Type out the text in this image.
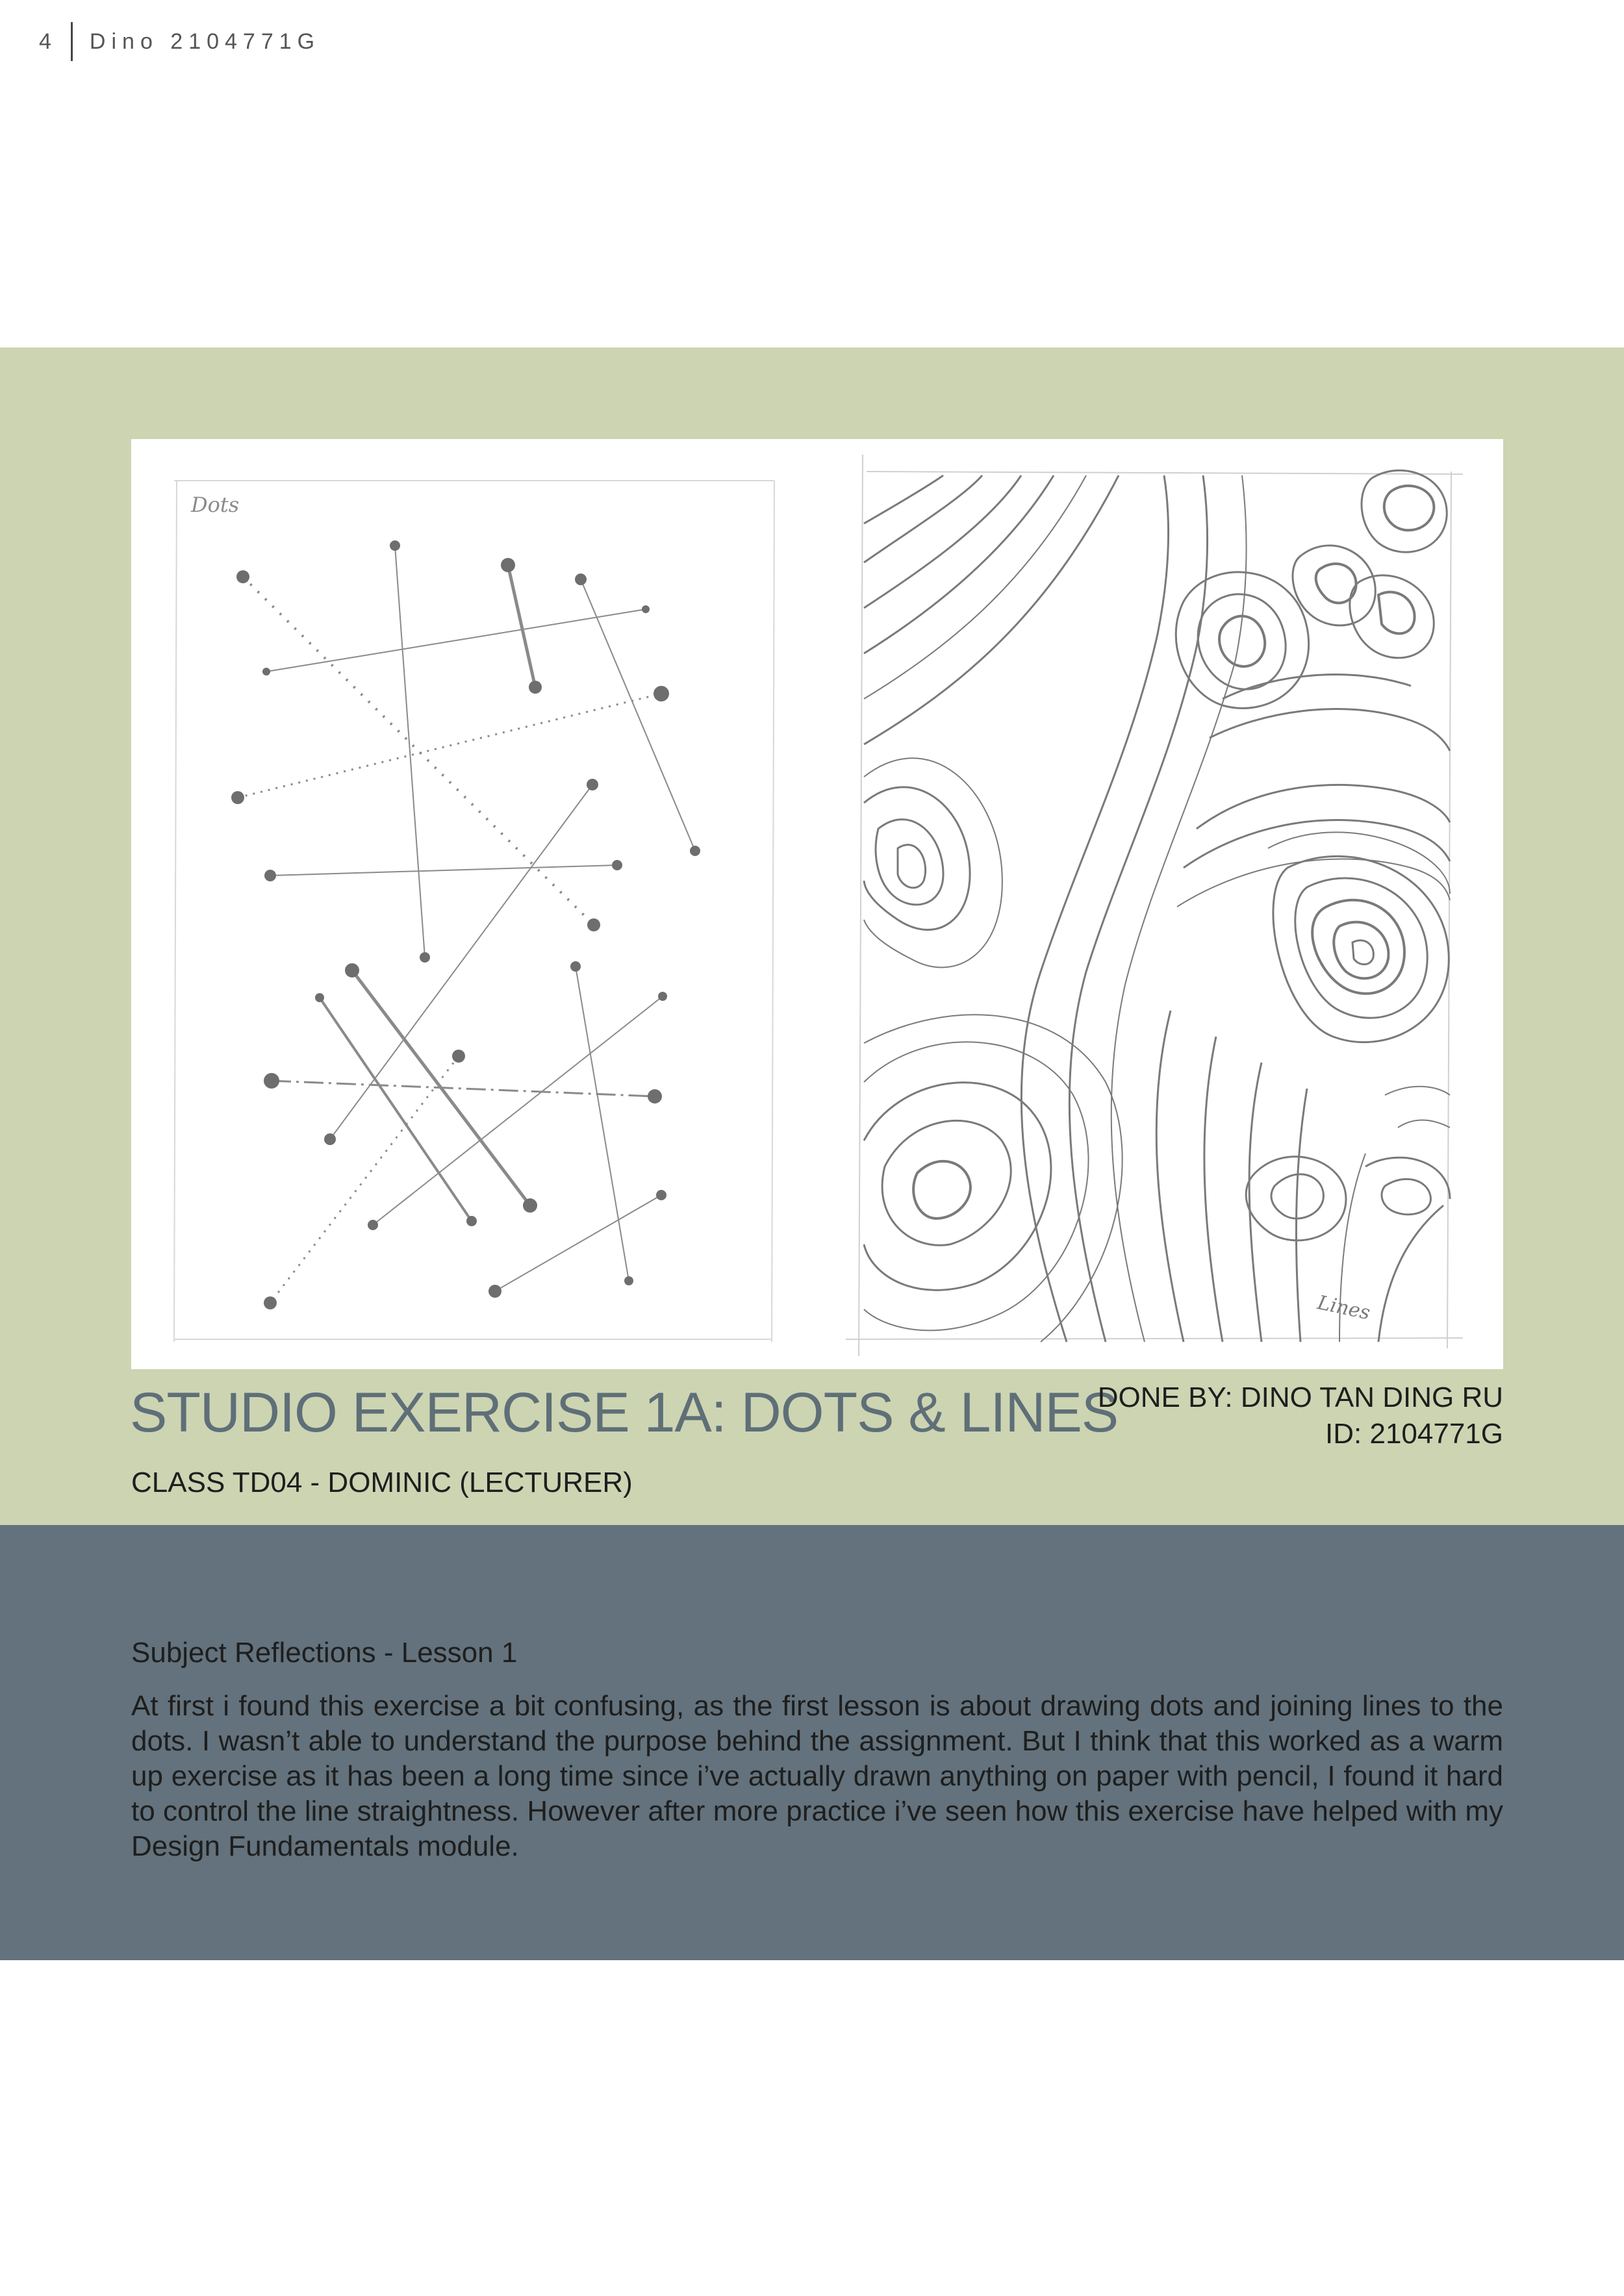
4 Dino 2104771G
Dots
Lines
STUDIO EXERCISE 1A: DOTS & LINES
CLASS TD04 - DOMINIC (LECTURER)
DONE BY: DINO TAN DING RU
ID: 2104771G
Subject Reflections - Lesson 1
At first i found this exercise a bit confusing, as the first lesson is about drawing dots and joining lines to the dots. I wasn’t able to understand the purpose behind the assignment. But I think that this worked as a warm up exercise as it has been a long time since i’ve actually drawn anything on paper with pencil, I found it hard to control the line straightness. However after more practice i’ve seen how this exercise have helped with my Design Fundamentals module.
